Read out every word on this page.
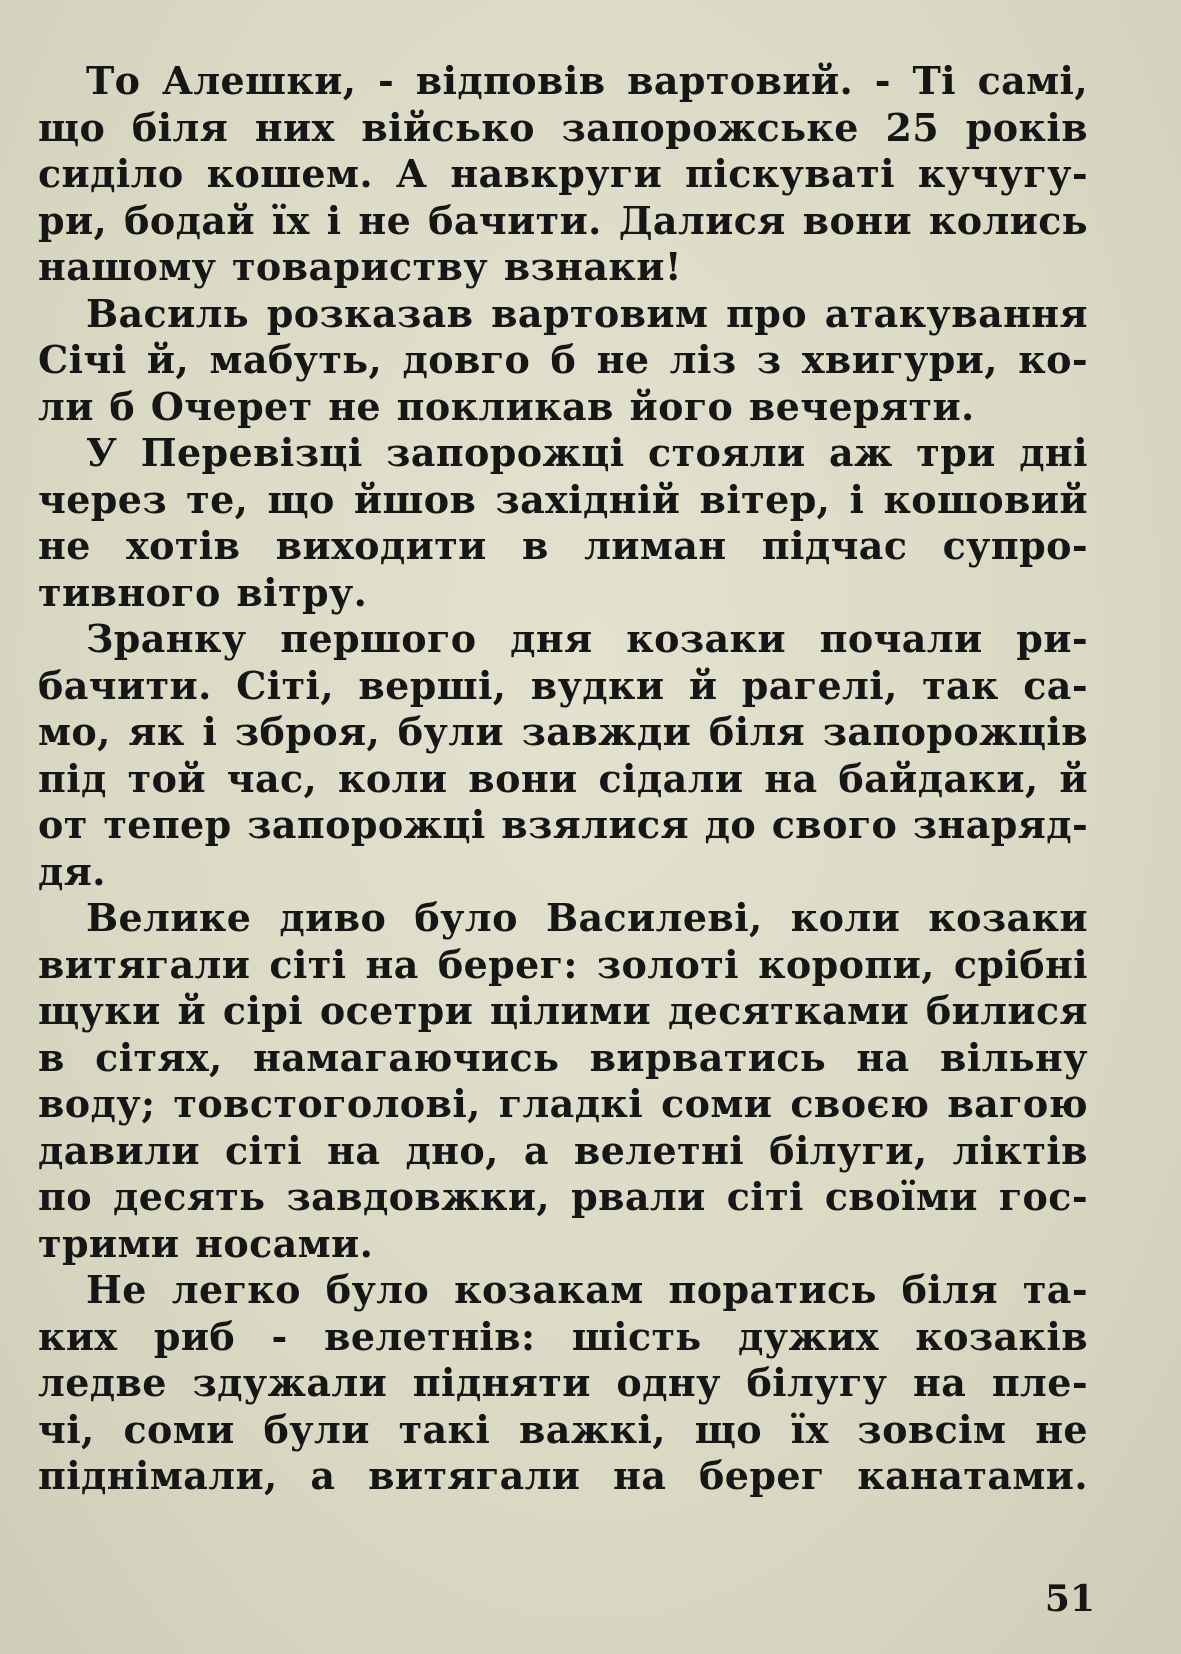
То Алешки, - відповів вартовий. - Ті самі,
що біля них військо запорожське 25 років
сиділо кошем. А навкруги піскуваті кучугу-
ри, бодай їх і не бачити. Далися вони колись
нашому товариству взнаки!

Василь розказав вартовим про атакування
Січі й, мабуть, довго б не ліз з хвигури, ко-
ли б Очерет не покликав його вечеряти.

У Перевізці запорожці стояли аж три дні
через те, що йшов західній вітер, і кошовий
не хотів виходити в лиман підчас супро-
тивного вітру.

Зранку першого дня козаки почали ри-
бачити. Сіті, верші, вудки й рагелі, так са-
мо, як і зброя, були завжди біля запорожців
під той час, коли вони сідали на байдаки, й
от тепер запорожці взялися до свого знаряд-
дя.

Велике диво було Василеві, коли козаки
витягали сіті на берег: золоті коропи, срібні
щуки й сірі осетри цілими десятками билися
в сітях, намагаючись вирватись на вільну
воду; товстоголові, гладкі соми своєю вагою
давили сіті на дно, а велетні білуги, ліктів
по десять завдовжки, рвали сіті своїми гос-
трими носами.

Не легко було козакам поратись біля та-
ких риб - велетнів: шість дужих козаків
ледве здужали підняти одну білугу на пле-
чі, соми були такі важкі, що їх зовсім не
піднімали, а витягали на берег канатами.

51
